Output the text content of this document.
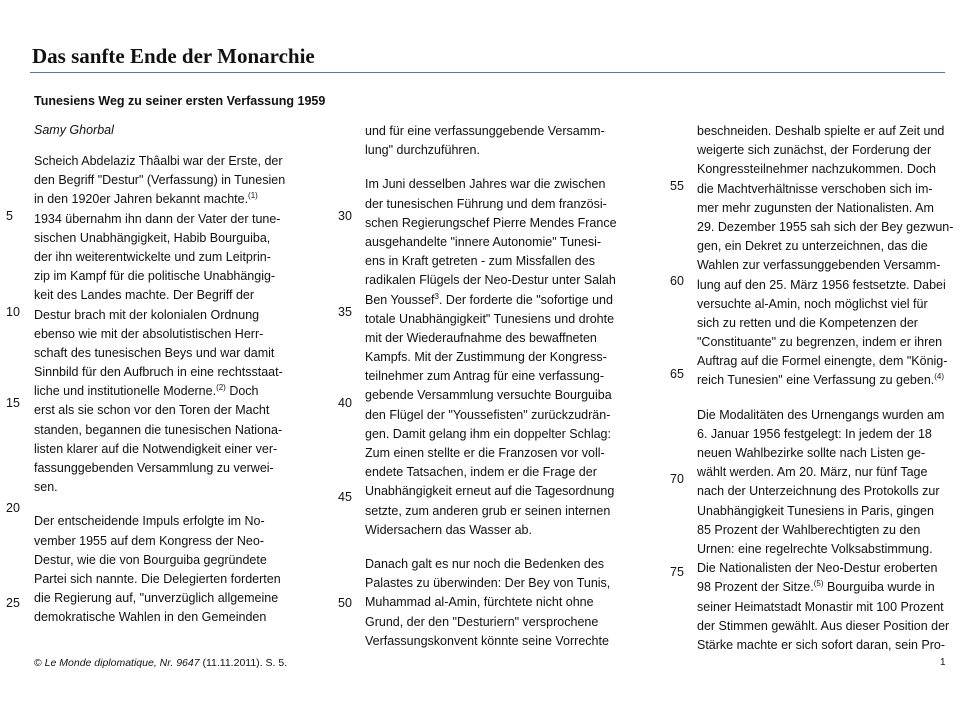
Das sanfte Ende der Monarchie
Tunesiens Weg zu seiner ersten Verfassung 1959
Samy Ghorbal

Scheich Abdelaziz Thâalbi war der Erste, der
den Begriff "Destur" (Verfassung) in Tunesien
in den 1920er Jahren bekannt machte.$^{(1)}$
1934 übernahm ihn dann der Vater der tune-
sischen Unabhängigkeit, Habib Bourguiba,
der ihn weiterentwickelte und zum Leitprin-
zip im Kampf für die politische Unabhängig-
keit des Landes machte. Der Begriff der
Destur brach mit der kolonialen Ordnung
ebenso wie mit der absolutistischen Herr-
schaft des tunesischen Beys und war damit
Sinnbild für den Aufbruch in eine rechtsstaat-
liche und institutionelle Moderne.$^{(2)}$ Doch
erst als sie schon vor den Toren der Macht
standen, begannen die tunesischen Nationa-
listen klarer auf die Notwendigkeit einer ver-
fassunggebenden Versammlung zu verwei-
sen.

Der entscheidende Impuls erfolgte im No-
vember 1955 auf dem Kongress der Neo-
Destur, wie die von Bourguiba gegründete
Partei sich nannte. Die Delegierten forderten
die Regierung auf, "unverzüglich allgemeine
demokratische Wahlen in den Gemeinden

und für eine verfassunggebende Versamm-
lung" durchzuführen.

Im Juni desselben Jahres war die zwischen
der tunesischen Führung und dem französi-
schen Regierungschef Pierre Mendes France
ausgehandelte "innere Autonomie" Tunesi-
ens in Kraft getreten - zum Missfallen des
radikalen Flügels der Neo-Destur unter Salah
Ben Youssef$^3$. Der forderte die "sofortige und
totale Unabhängigkeit" Tunesiens und drohte
mit der Wiederaufnahme des bewaffneten
Kampfs. Mit der Zustimmung der Kongress-
teilnehmer zum Antrag für eine verfassung-
gebende Versammlung versuchte Bourguiba
den Flügel der "Youssefisten" zurückzudrän-
gen. Damit gelang ihm ein doppelter Schlag:
Zum einen stellte er die Franzosen vor voll-
endete Tatsachen, indem er die Frage der
Unabhängigkeit erneut auf die Tagesordnung
setzte, zum anderen grub er seinen internen
Widersachern das Wasser ab.

Danach galt es nur noch die Bedenken des
Palastes zu überwinden: Der Bey von Tunis,
Muhammad al-Amin, fürchtete nicht ohne
Grund, der den "Desturiern" versprochene
Verfassungskonvent könnte seine Vorrechte

beschneiden. Deshalb spielte er auf Zeit und
weigerte sich zunächst, der Forderung der
Kongressteilnehmer nachzukommen. Doch
die Machtverhältnisse verschoben sich im-
mer mehr zugunsten der Nationalisten. Am
29. Dezember 1955 sah sich der Bey gezwun-
gen, ein Dekret zu unterzeichnen, das die
Wahlen zur verfassunggebenden Versamm-
lung auf den 25. März 1956 festsetzte. Dabei
versuchte al-Amin, noch möglichst viel für
sich zu retten und die Kompetenzen der
"Constituante" zu begrenzen, indem er ihren
Auftrag auf die Formel einengte, dem "König-
reich Tunesien" eine Verfassung zu geben.$^{(4)}$

Die Modalitäten des Urnengangs wurden am
6. Januar 1956 festgelegt: In jedem der 18
neuen Wahlbezirke sollte nach Listen ge-
wählt werden. Am 20. März, nur fünf Tage
nach der Unterzeichnung des Protokolls zur
Unabhängigkeit Tunesiens in Paris, gingen
85 Prozent der Wahlberechtigten zu den
Urnen: eine regelrechte Volksabstimmung.
Die Nationalisten der Neo-Destur eroberten
98 Prozent der Sitze.$^{(5)}$ Bourguiba wurde in
seiner Heimatstadt Monastir mit 100 Prozent
der Stimmen gewählt. Aus dieser Position der
Stärke machte er sich sofort daran, sein Pro-

5
10
15
20
25
30
35
40
45
50
55
60
65
70
75
© Le Monde diplomatique, Nr. 9647 (11.11.2011). S. 5.	1
